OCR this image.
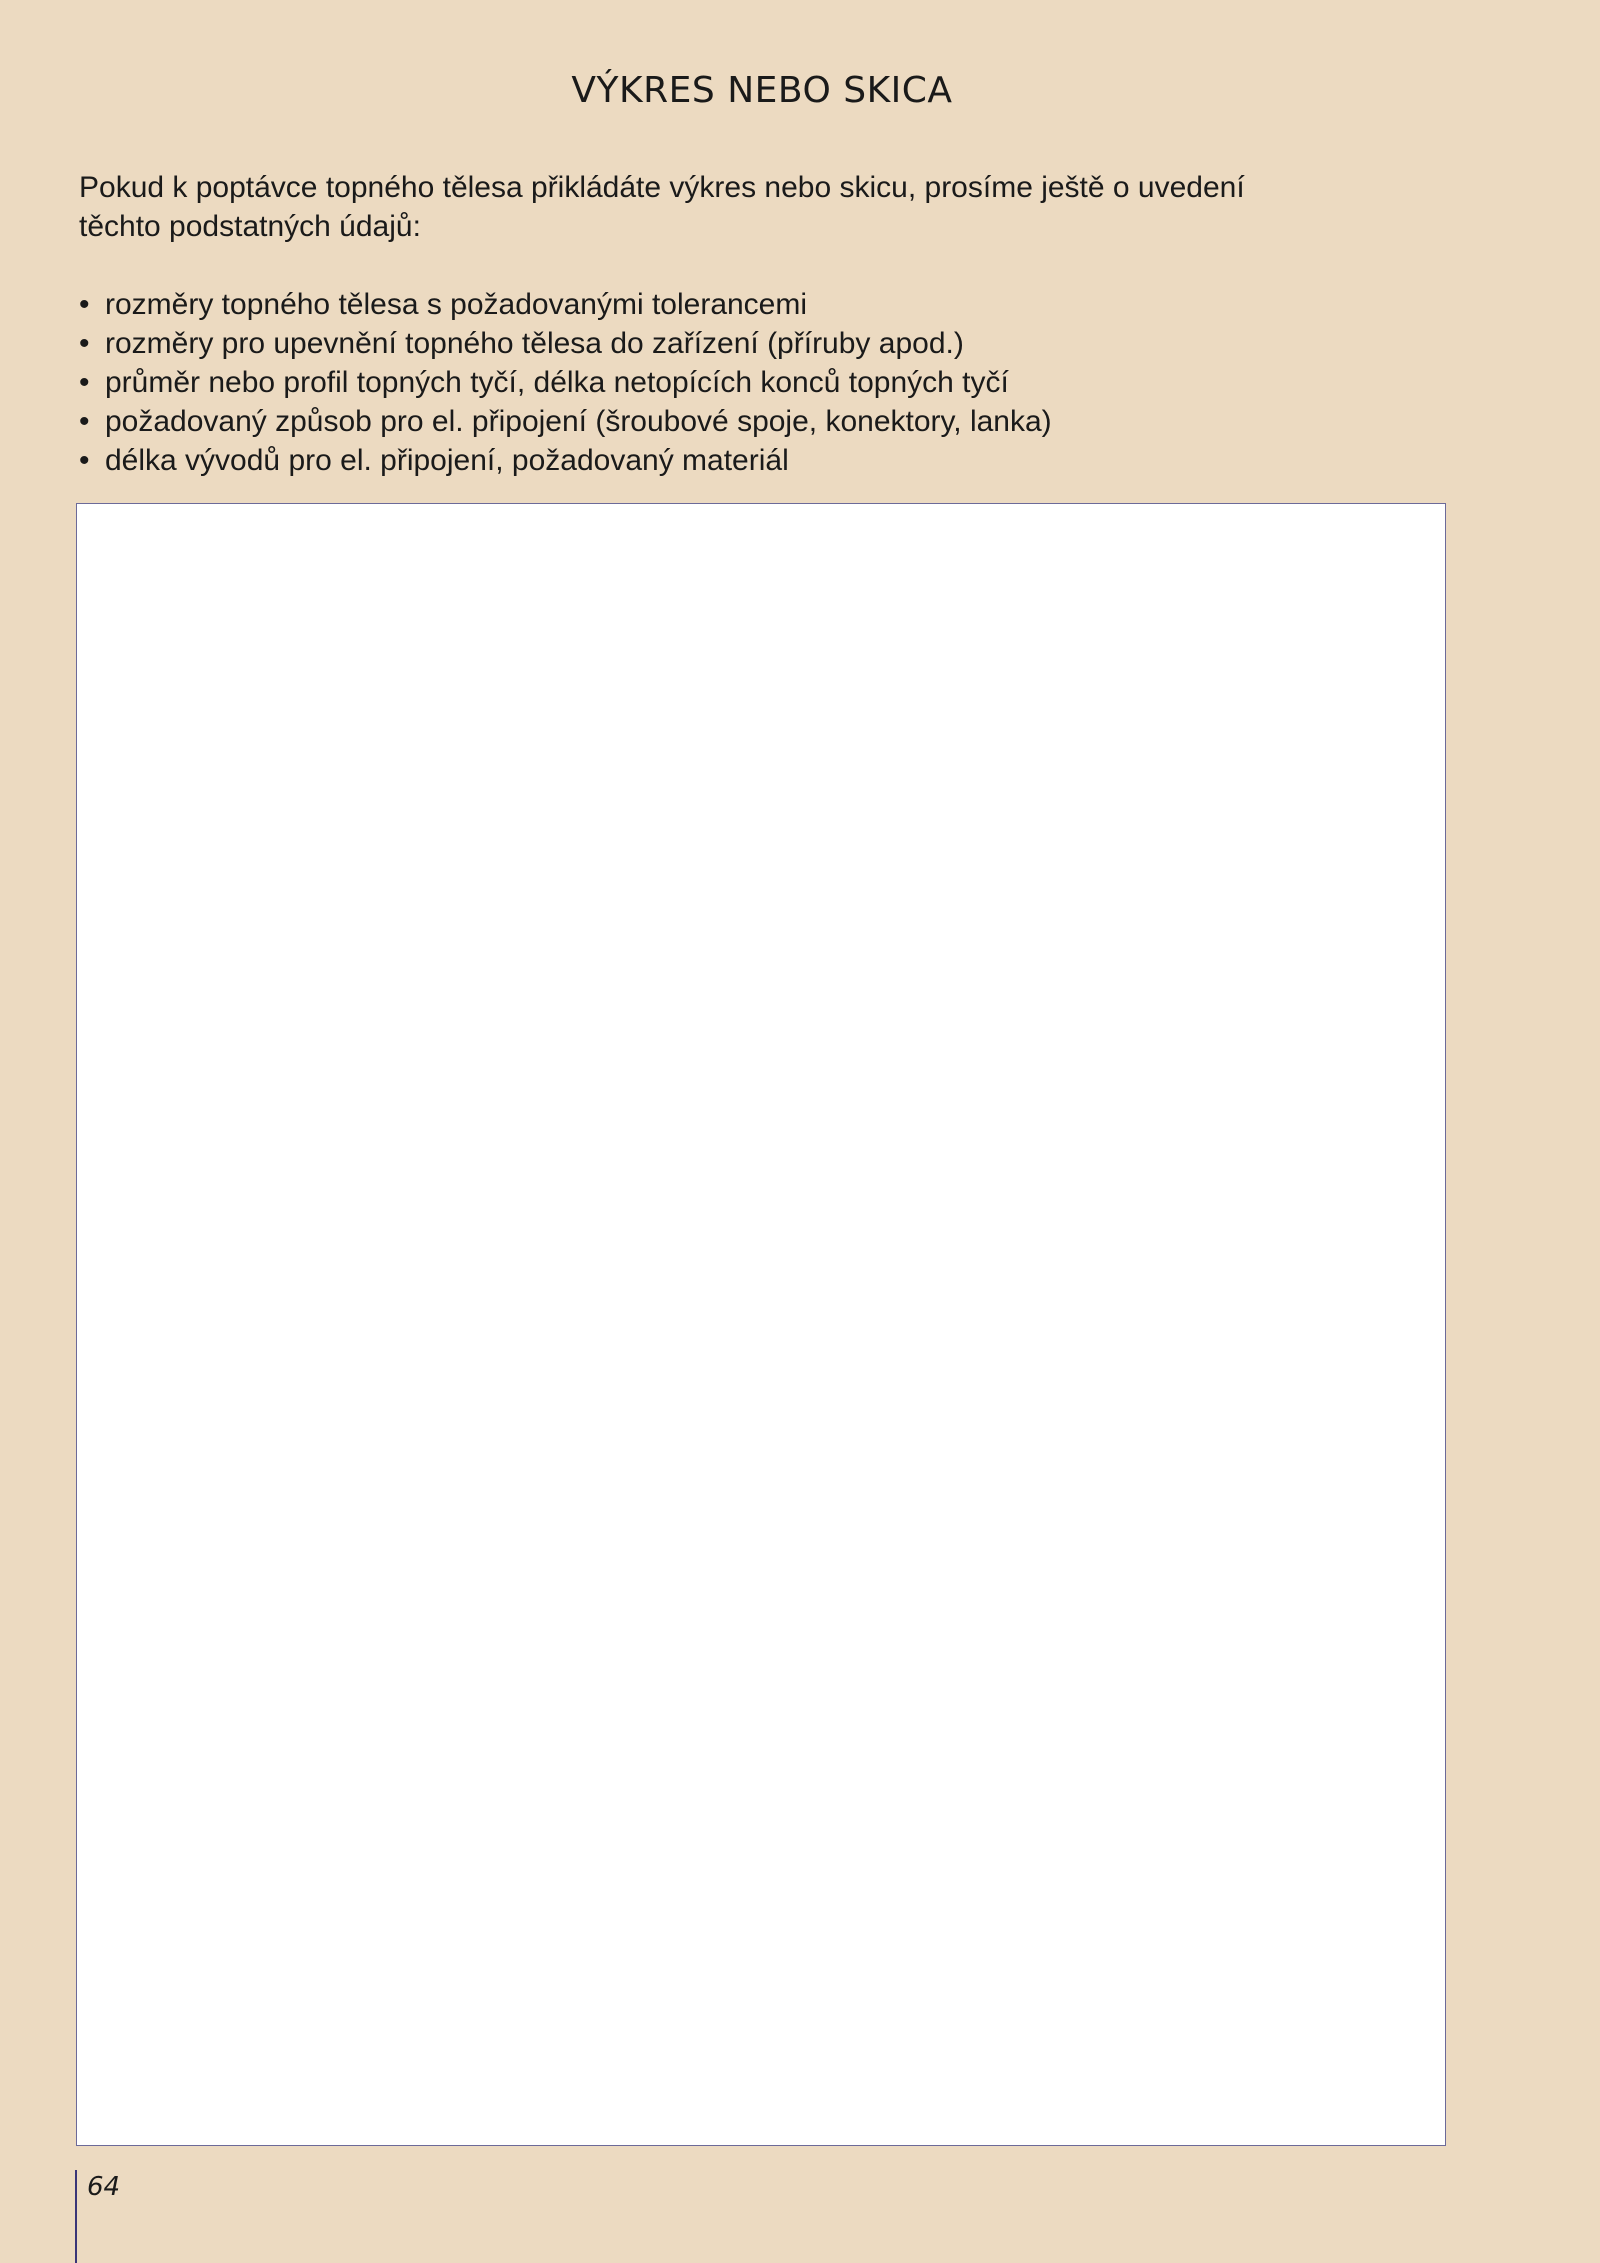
VÝKRES NEBO SKICA

Pokud k poptávce topného tělesa přikládáte výkres nebo skicu, prosíme ještě o uvedení
těchto podstatných údajů:

• rozměry topného tělesa s požadovanými tolerancemi
• rozměry pro upevnění topného tělesa do zařízení (příruby apod.)
• průměr nebo profil topných tyčí, délka netopících konců topných tyčí
• požadovaný způsob pro el. připojení (šroubové spoje, konektory, lanka)
• délka vývodů pro el. připojení, požadovaný materiál
64
